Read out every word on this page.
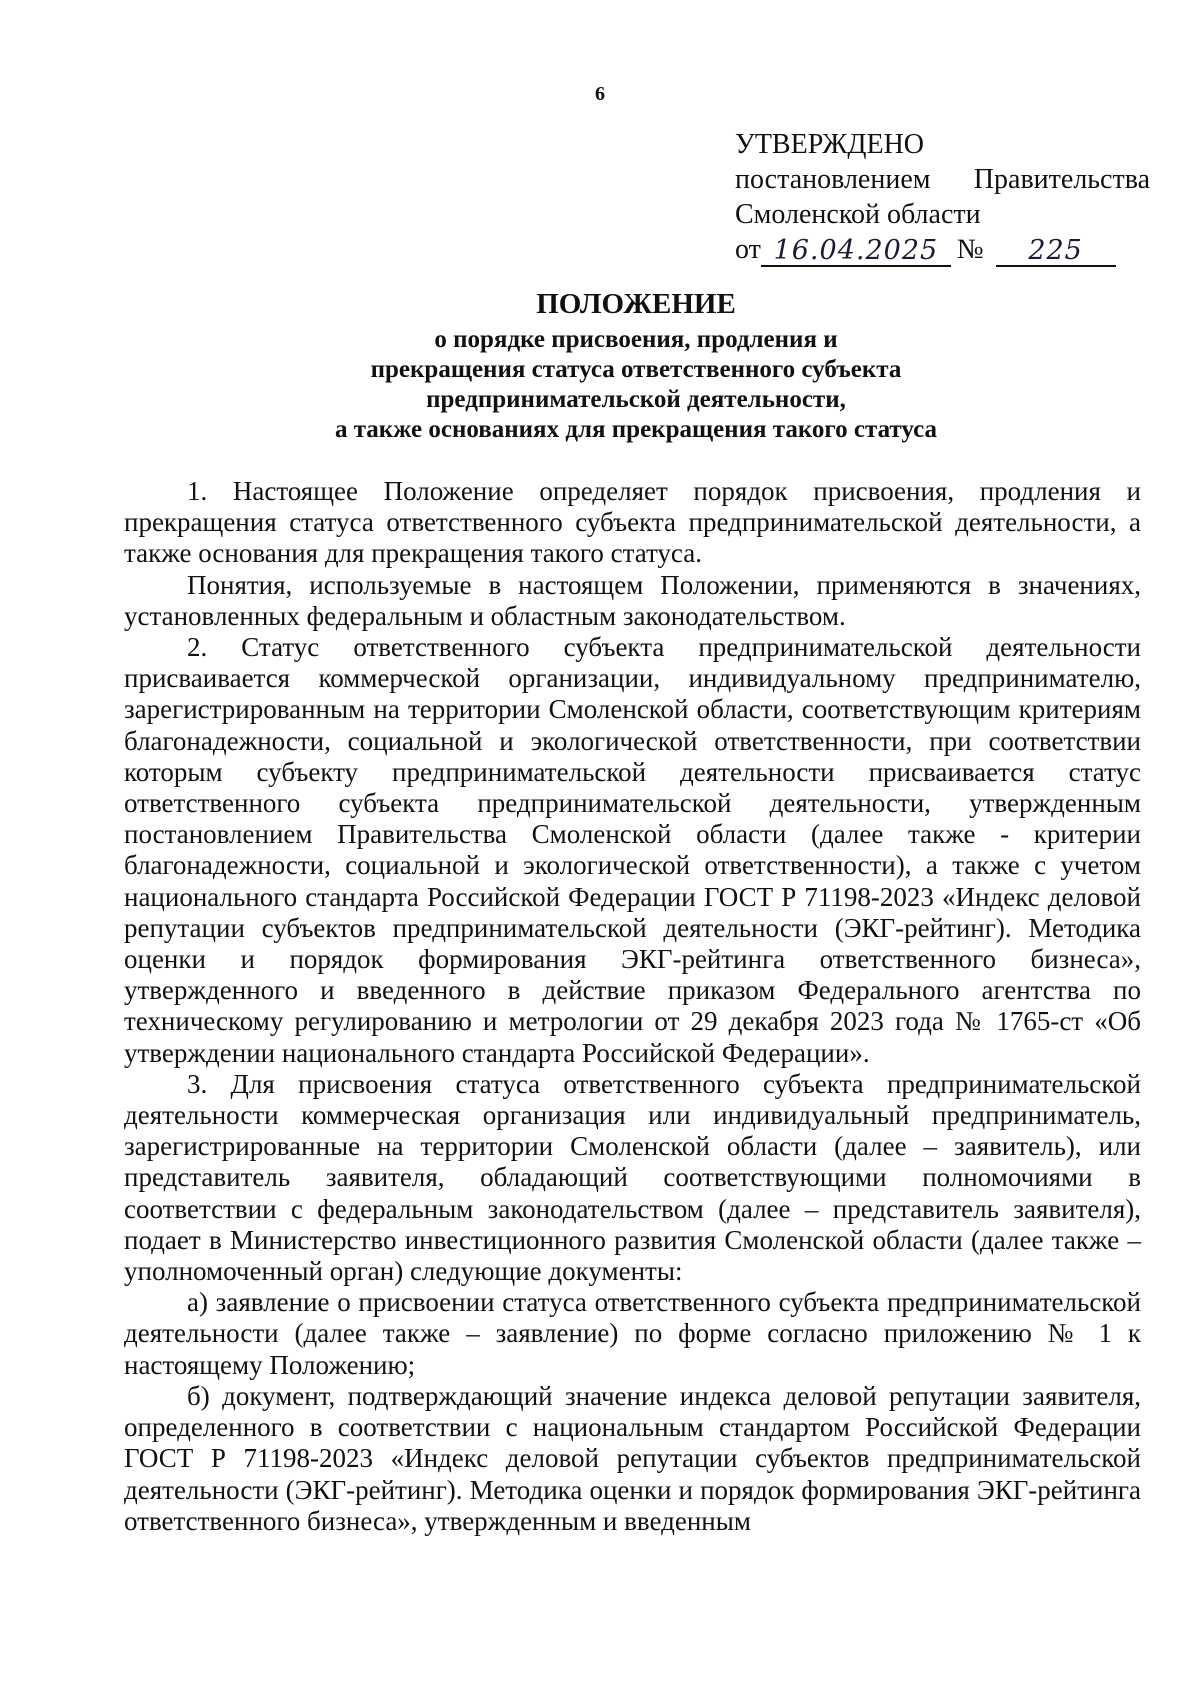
6
УТВЕРЖДЕНО
постановлением Правительства
Смоленской области
от 16.04.2025 №	225
ПОЛОЖЕНИЕ
о порядке присвоения, продления и
прекращения статуса ответственного субъекта
предпринимательской деятельности,
а также основаниях для прекращения такого статуса

1. Настоящее Положение определяет порядок присвоения, продления и прекращения статуса ответственного субъекта предпринимательской деятельности, а также основания для прекращения такого статуса.

Понятия, используемые в настоящем Положении, применяются в значениях, установленных федеральным и областным законодательством.

2. Статус ответственного субъекта предпринимательской деятельности присваивается коммерческой организации, индивидуальному предпринимателю, зарегистрированным на территории Смоленской области, соответствующим критериям благонадежности, социальной и экологической ответственности, при соответствии которым субъекту предпринимательской деятельности присваивается статус ответственного субъекта предпринимательской деятельности, утвержденным постановлением Правительства Смоленской области (далее также - критерии благонадежности, социальной и экологической ответственности), а также с учетом национального стандарта Российской Федерации ГОСТ Р 71198-2023 «Индекс деловой репутации субъектов предпринимательской деятельности (ЭКГ-рейтинг). Методика оценки и порядок формирования ЭКГ-рейтинга ответственного бизнеса», утвержденного и введенного в действие приказом Федерального агентства по техническому регулированию и метрологии от 29 декабря 2023 года № 1765-ст «Об утверждении национального стандарта Российской Федерации».

3. Для присвоения статуса ответственного субъекта предпринимательской деятельности коммерческая организация или индивидуальный предприниматель, зарегистрированные на территории Смоленской области (далее – заявитель), или представитель заявителя, обладающий соответствующими полномочиями в соответствии с федеральным законодательством (далее – представитель заявителя), подает в Министерство инвестиционного развития Смоленской области (далее также – уполномоченный орган) следующие документы:

а) заявление о присвоении статуса ответственного субъекта предпринимательской деятельности (далее также – заявление) по форме согласно приложению № 1 к настоящему Положению;

б) документ, подтверждающий значение индекса деловой репутации заявителя, определенного в соответствии с национальным стандартом Российской Федерации ГОСТ Р 71198-2023 «Индекс деловой репутации субъектов предпринимательской деятельности (ЭКГ-рейтинг). Методика оценки и порядок формирования ЭКГ-рейтинга ответственного бизнеса», утвержденным и введенным
